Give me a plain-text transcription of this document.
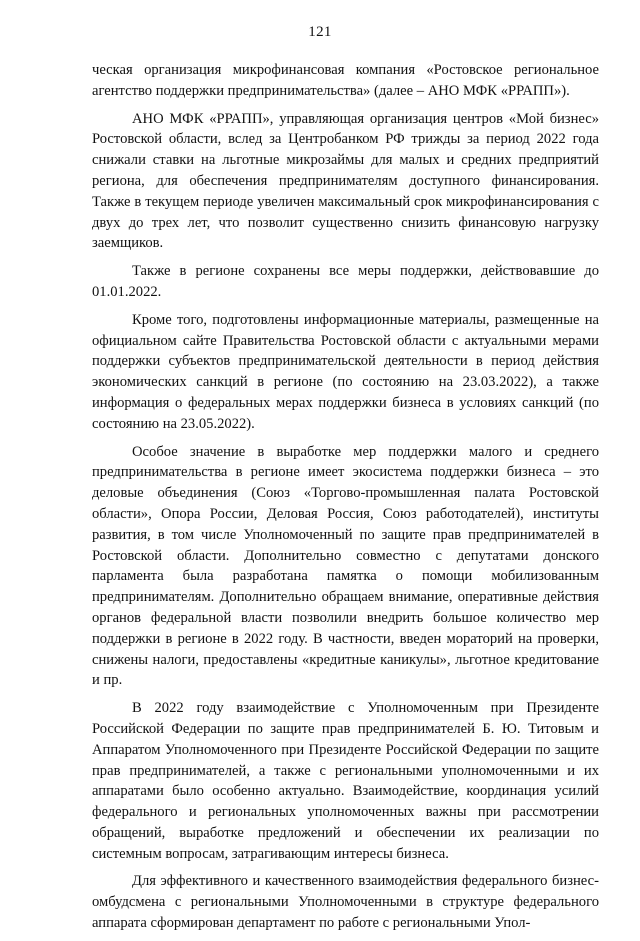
121

ческая организация микрофинансовая компания «Ростовское региональное агентство поддержки предпринимательства» (далее – АНО МФК «РРАПП»).

АНО МФК «РРАПП», управляющая организация центров «Мой бизнес» Ростовской области, вслед за Центробанком РФ трижды за период 2022 года снижали ставки на льготные микрозаймы для малых и средних предприятий региона, для обеспечения предпринимателям доступного финансирования. Также в текущем периоде увеличен максимальный срок микрофинансирования с двух до трех лет, что позволит существенно снизить финансовую нагрузку заемщиков.

Также в регионе сохранены все меры поддержки, действовавшие до 01.01.2022.

Кроме того, подготовлены информационные материалы, размещенные на официальном сайте Правительства Ростовской области с актуальными мерами поддержки субъектов предпринимательской деятельности в период действия экономических санкций в регионе (по состоянию на 23.03.2022), а также информация о федеральных мерах поддержки бизнеса в условиях санкций (по состоянию на 23.05.2022).

Особое значение в выработке мер поддержки малого и среднего предпринимательства в регионе имеет экосистема поддержки бизнеса – это деловые объединения (Союз «Торгово-промышленная палата Ростовской области», Опора России, Деловая Россия, Союз работодателей), институты развития, в том числе Уполномоченный по защите прав предпринимателей в Ростовской области. Дополнительно совместно с депутатами донского парламента была разработана памятка о помощи мобилизованным предпринимателям. Дополнительно обращаем внимание, оперативные действия органов федеральной власти позволили внедрить большое количество мер поддержки в регионе в 2022 году. В частности, введен мораторий на проверки, снижены налоги, предоставлены «кредитные каникулы», льготное кредитование и пр.

В 2022 году взаимодействие с Уполномоченным при Президенте Российской Федерации по защите прав предпринимателей Б. Ю. Титовым и Аппаратом Уполномоченного при Президенте Российской Федерации по защите прав предпринимателей, а также с региональными уполномоченными и их аппаратами было особенно актуально. Взаимодействие, координация усилий федерального и региональных уполномоченных важны при рассмотрении обращений, выработке предложений и обеспечении их реализации по системным вопросам, затрагивающим интересы бизнеса.

Для эффективного и качественного взаимодействия федерального бизнес-омбудсмена с региональными Уполномоченными в структуре федерального аппарата сформирован департамент по работе с региональными Упол-
